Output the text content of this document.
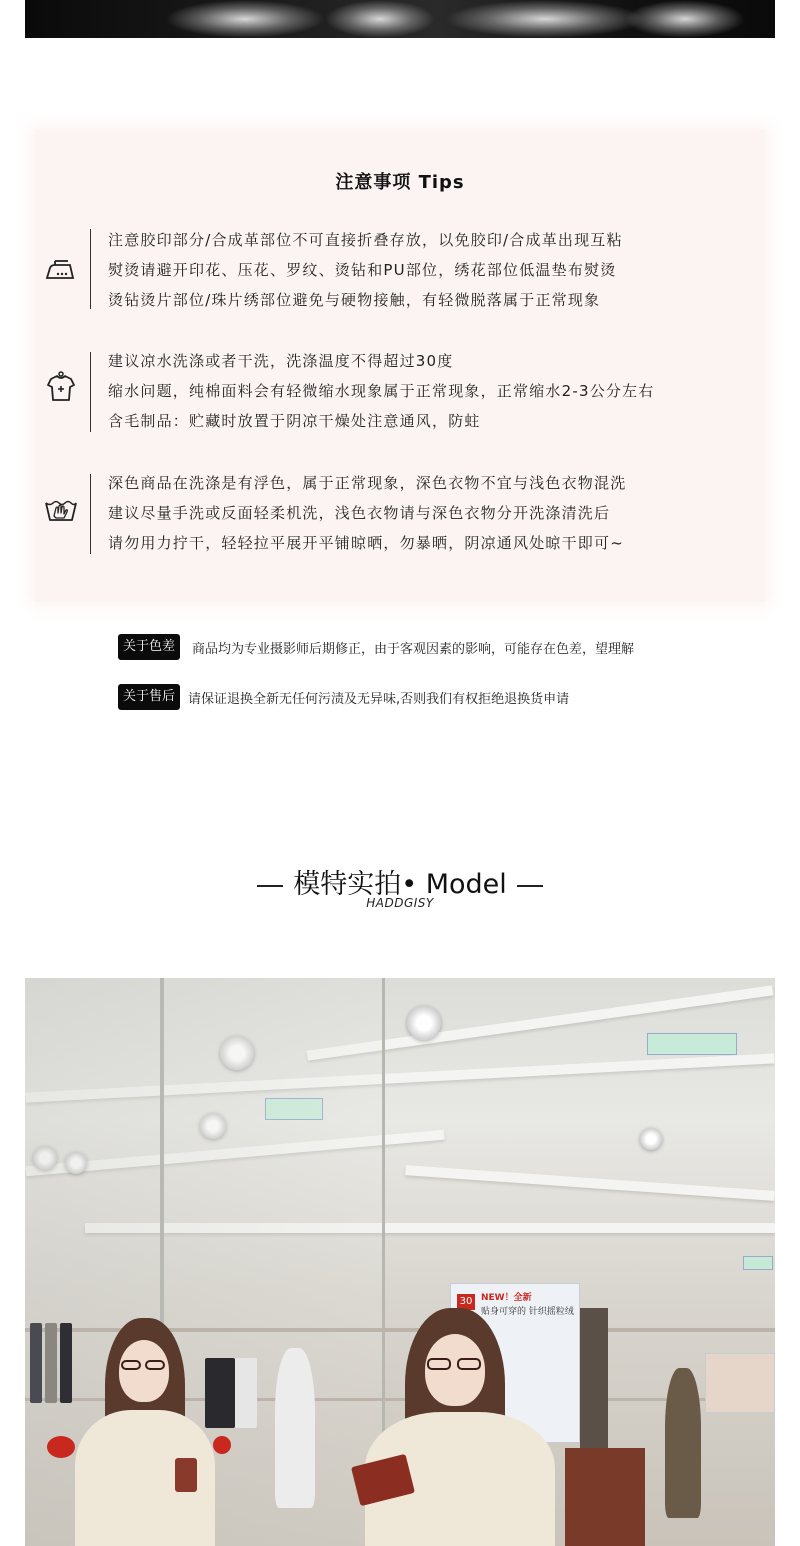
注意事项 Tips
注意胶印部分/合成革部位不可直接折叠存放，以免胶印/合成革出现互粘
熨烫请避开印花、压花、罗纹、烫钻和PU部位，绣花部位低温垫布熨烫
烫钻烫片部位/珠片绣部位避免与硬物接触，有轻微脱落属于正常现象
建议凉水洗涤或者干洗，洗涤温度不得超过30度
缩水问题，纯棉面料会有轻微缩水现象属于正常现象，正常缩水2-3公分左右
含毛制品：贮藏时放置于阴凉干燥处注意通风，防蛀
深色商品在洗涤是有浮色，属于正常现象，深色衣物不宜与浅色衣物混洗
建议尽量手洗或反面轻柔机洗，浅色衣物请与深色衣物分开洗涤清洗后
请勿用力拧干，轻轻拉平展开平铺晾晒，勿暴晒，阴凉通风处晾干即可~
关于色差	商品均为专业摄影师后期修正，由于客观因素的影响，可能存在色差，望理解
关于售后	请保证退换全新无任何污渍及无异味,否则我们有权拒绝退换货申请
模特实拍• Model
HADDGISY
30 NEW！全新
贴身可穿的 针织摇粒绒
